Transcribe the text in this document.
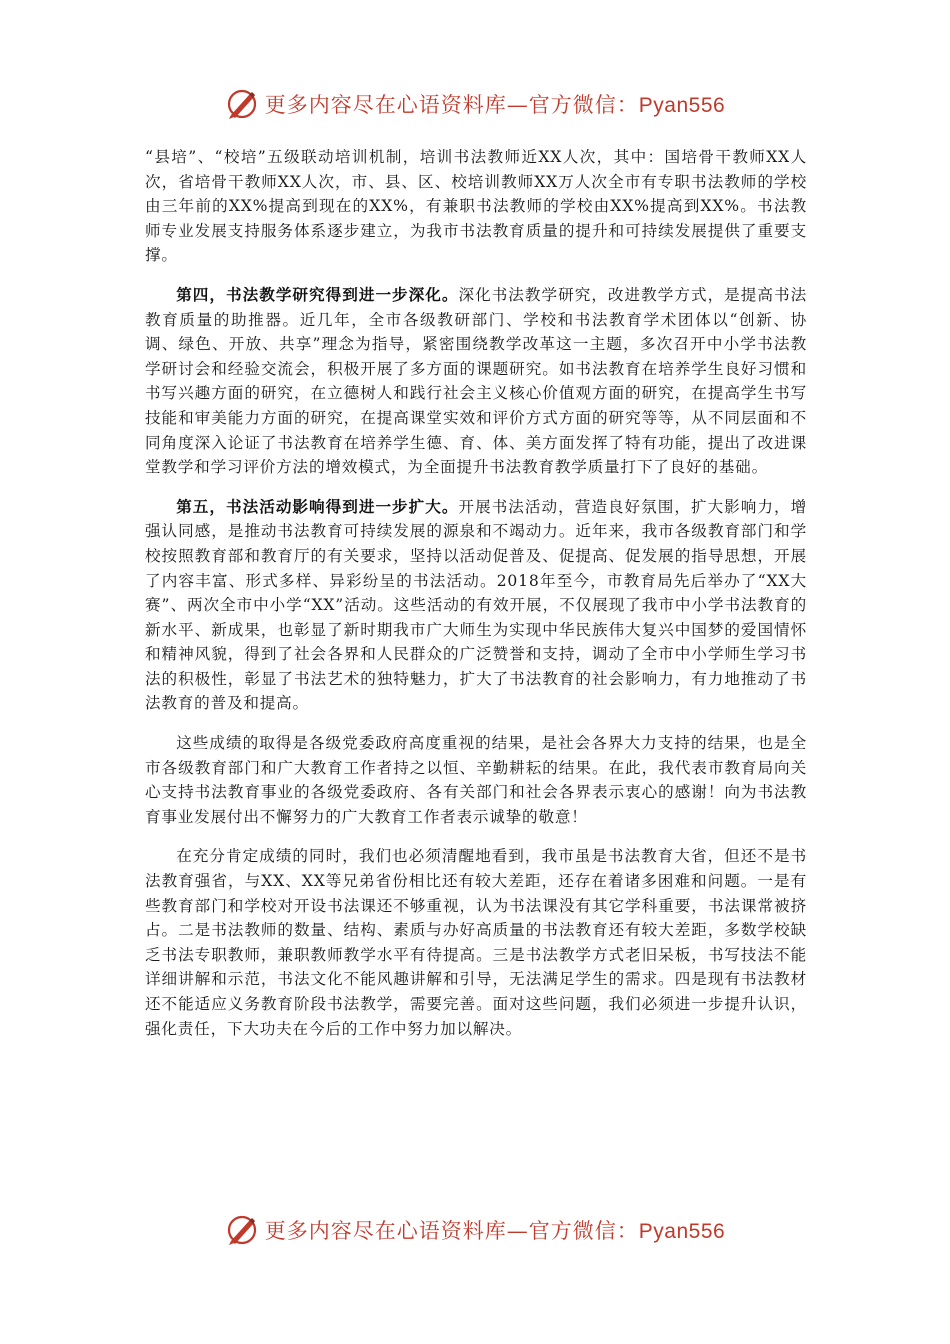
更多内容尽在心语资料库—官方微信：Pyan556

“县培”、“校培”五级联动培训机制，培训书法教师近XX人次，其中：国培骨干教师XX人次，省培骨干教师XX人次，市、县、区、校培训教师XX万人次全市有专职书法教师的学校由三年前的XX%提高到现在的XX%，有兼职书法教师的学校由XX%提高到XX%。书法教师专业发展支持服务体系逐步建立，为我市书法教育质量的提升和可持续发展提供了重要支撑。

第四，书法教学研究得到进一步深化。深化书法教学研究，改进教学方式，是提高书法教育质量的助推器。近几年，全市各级教研部门、学校和书法教育学术团体以“创新、协调、绿色、开放、共享”理念为指导，紧密围绕教学改革这一主题，多次召开中小学书法教学研讨会和经验交流会，积极开展了多方面的课题研究。如书法教育在培养学生良好习惯和书写兴趣方面的研究，在立德树人和践行社会主义核心价值观方面的研究，在提高学生书写技能和审美能力方面的研究，在提高课堂实效和评价方式方面的研究等等，从不同层面和不同角度深入论证了书法教育在培养学生德、育、体、美方面发挥了特有功能，提出了改进课堂教学和学习评价方法的增效模式，为全面提升书法教育教学质量打下了良好的基础。

第五，书法活动影响得到进一步扩大。开展书法活动，营造良好氛围，扩大影响力，增强认同感，是推动书法教育可持续发展的源泉和不竭动力。近年来，我市各级教育部门和学校按照教育部和教育厅的有关要求，坚持以活动促普及、促提高、促发展的指导思想，开展了内容丰富、形式多样、异彩纷呈的书法活动。2018年至今，市教育局先后举办了“XX大赛”、两次全市中小学“XX”活动。这些活动的有效开展，不仅展现了我市中小学书法教育的新水平、新成果，也彰显了新时期我市广大师生为实现中华民族伟大复兴中国梦的爱国情怀和精神风貌，得到了社会各界和人民群众的广泛赞誉和支持，调动了全市中小学师生学习书法的积极性，彰显了书法艺术的独特魅力，扩大了书法教育的社会影响力，有力地推动了书法教育的普及和提高。

这些成绩的取得是各级党委政府高度重视的结果，是社会各界大力支持的结果，也是全市各级教育部门和广大教育工作者持之以恒、辛勤耕耘的结果。在此，我代表市教育局向关心支持书法教育事业的各级党委政府、各有关部门和社会各界表示衷心的感谢！向为书法教育事业发展付出不懈努力的广大教育工作者表示诚挚的敬意！

在充分肯定成绩的同时，我们也必须清醒地看到，我市虽是书法教育大省，但还不是书法教育强省，与XX、XX等兄弟省份相比还有较大差距，还存在着诸多困难和问题。一是有些教育部门和学校对开设书法课还不够重视，认为书法课没有其它学科重要，书法课常被挤占。二是书法教师的数量、结构、素质与办好高质量的书法教育还有较大差距，多数学校缺乏书法专职教师，兼职教师教学水平有待提高。三是书法教学方式老旧呆板，书写技法不能详细讲解和示范，书法文化不能风趣讲解和引导，无法满足学生的需求。四是现有书法教材还不能适应义务教育阶段书法教学，需要完善。面对这些问题，我们必须进一步提升认识，强化责任，下大功夫在今后的工作中努力加以解决。

更多内容尽在心语资料库—官方微信：Pyan556
